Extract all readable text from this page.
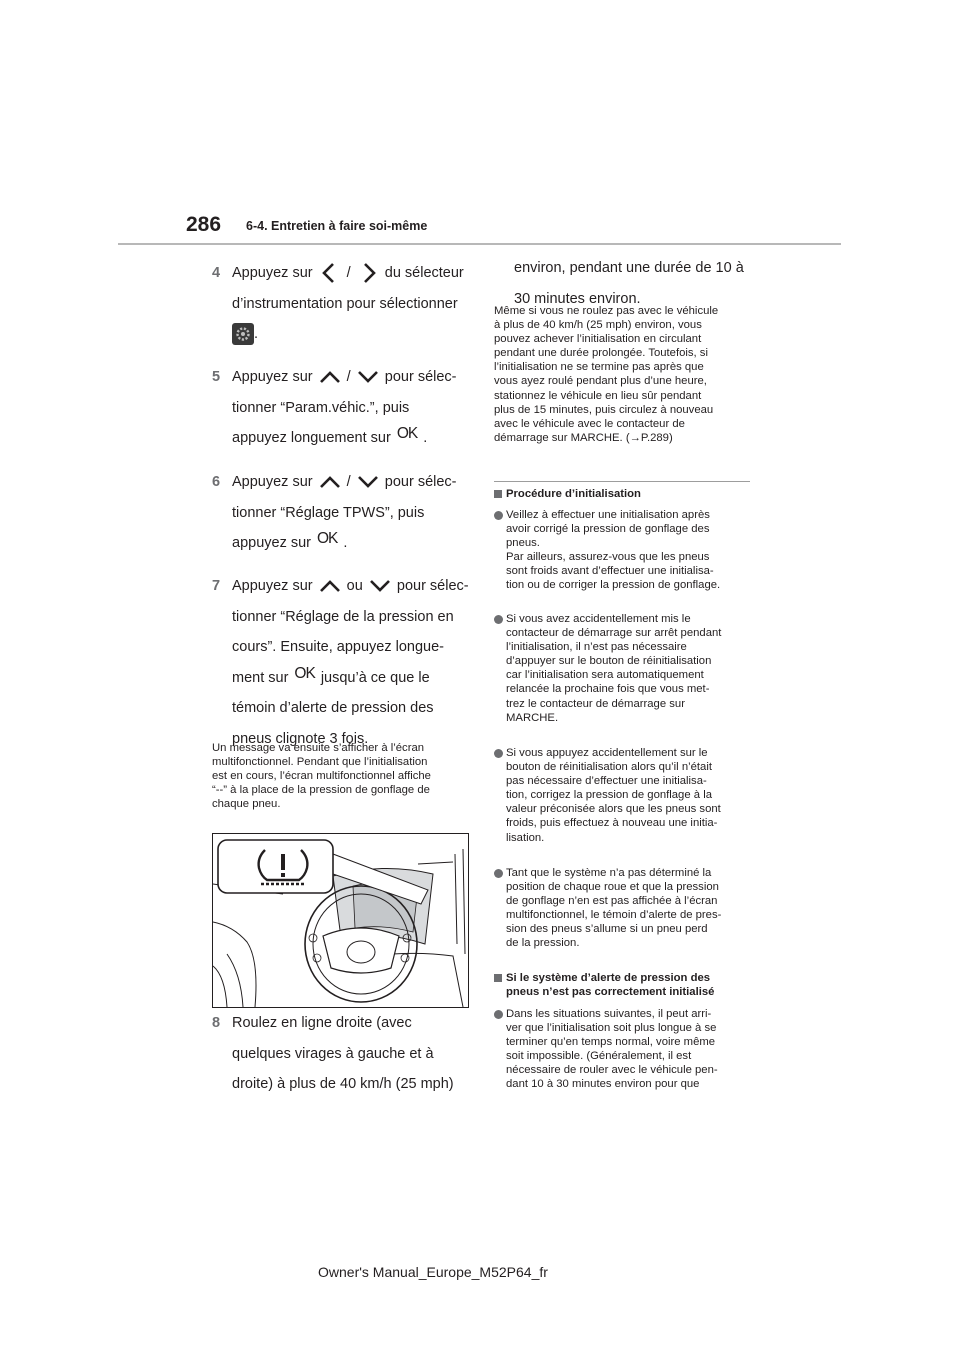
286 6-4. Entretien à faire soi-même
4 Appuyez sur / du sélecteur
d’instrumentation pour sélectionner
.
5 Appuyez sur / pour sélec-
tionner “Param.véhic.”, puis
appuyez longuement sur OK .
6 Appuyez sur / pour sélec-
tionner “Réglage TPWS”, puis
appuyez sur OK .
7 Appuyez sur ou pour sélec-
tionner “Réglage de la pression en
cours”. Ensuite, appuyez longue-
ment sur OK jusqu’à ce que le
témoin d’alerte de pression des
pneus clignote 3 fois.
Un message va ensuite s’afficher à l’écran
multifonctionnel. Pendant que l’initialisation
est en cours, l’écran multifonctionnel affiche
“--” à la place de la pression de gonflage de
chaque pneu.
8 Roulez en ligne droite (avec
quelques virages à gauche et à
droite) à plus de 40 km/h (25 mph)
environ, pendant une durée de 10 à
30 minutes environ.
Même si vous ne roulez pas avec le véhicule
à plus de 40 km/h (25 mph) environ, vous
pouvez achever l’initialisation en circulant
pendant une durée prolongée. Toutefois, si
l’initialisation ne se termine pas après que
vous ayez roulé pendant plus d’une heure,
stationnez le véhicule en lieu sûr pendant
plus de 15 minutes, puis circulez à nouveau
avec le véhicule avec le contacteur de
démarrage sur MARCHE. (→P.289)
Procédure d’initialisation
Veillez à effectuer une initialisation après
avoir corrigé la pression de gonflage des
pneus.
Par ailleurs, assurez-vous que les pneus
sont froids avant d’effectuer une initialisa-
tion ou de corriger la pression de gonflage.
Si vous avez accidentellement mis le
contacteur de démarrage sur arrêt pendant
l’initialisation, il n’est pas nécessaire
d’appuyer sur le bouton de réinitialisation
car l’initialisation sera automatiquement
relancée la prochaine fois que vous met-
trez le contacteur de démarrage sur
MARCHE.
Si vous appuyez accidentellement sur le
bouton de réinitialisation alors qu’il n’était
pas nécessaire d’effectuer une initialisa-
tion, corrigez la pression de gonflage à la
valeur préconisée alors que les pneus sont
froids, puis effectuez à nouveau une initia-
lisation.
Tant que le système n’a pas déterminé la
position de chaque roue et que la pression
de gonflage n’en est pas affichée à l’écran
multifonctionnel, le témoin d’alerte de pres-
sion des pneus s’allume si un pneu perd
de la pression.
Si le système d’alerte de pression des
pneus n’est pas correctement initialisé
Dans les situations suivantes, il peut arri-
ver que l’initialisation soit plus longue à se
terminer qu’en temps normal, voire même
soit impossible. (Généralement, il est
nécessaire de rouler avec le véhicule pen-
dant 10 à 30 minutes environ pour que
Owner's Manual_Europe_M52P64_fr
